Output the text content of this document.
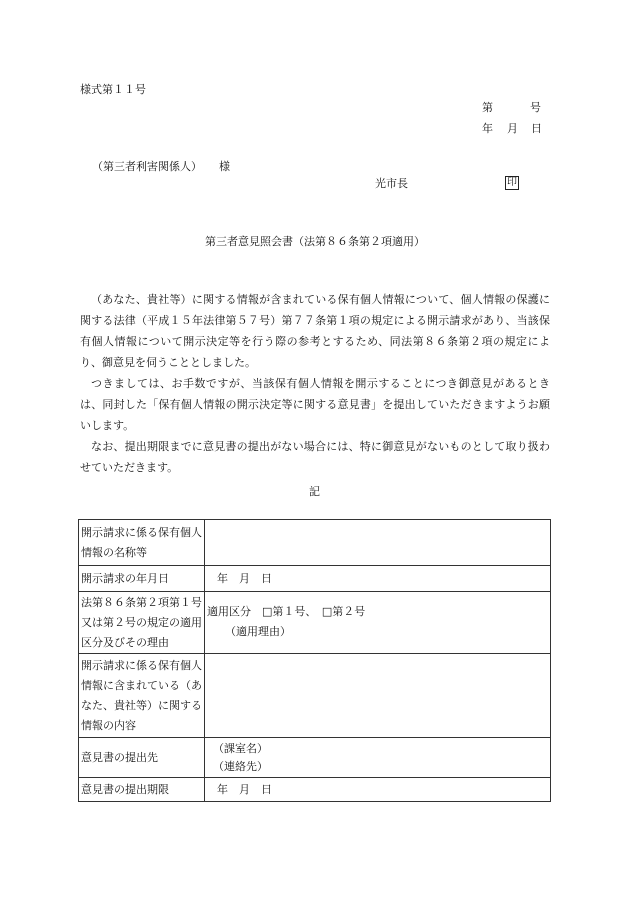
様式第１１号
第	号
年 月 日
（第三者利害関係人） 様
光市長	印
第三者意見照会書（法第８６条第２項適用）

（あなた、貴社等）に関する情報が含まれている保有個人情報について、個人情報の保護に関する法律（平成１５年法律第５７号）第７７条第１項の規定による開示請求があり、当該保有個人情報について開示決定等を行う際の参考とするため、同法第８６条第２項の規定により、御意見を伺うこととしました。

つきましては、お手数ですが、当該保有個人情報を開示することにつき御意見があるときは、同封した「保有個人情報の開示決定等に関する意見書」を提出していただきますようお願いします。

なお、提出期限までに意見書の提出がない場合には、特に御意見がないものとして取り扱わせていただきます。

記
開示請求に係る保有個人情報の名称等	
開示請求の年月日	年　月　日
法第８６条第２項第１号又は第２号の規定の適用区分及びその理由	適用区分　□第１号、　□第２号
（適用理由）

開示請求に係る保有個人情報に含まれている（あなた、貴社等）に関する情報の内容	
意見書の提出先	（課室名）
（連絡先）

意見書の提出期限	年　月　日
